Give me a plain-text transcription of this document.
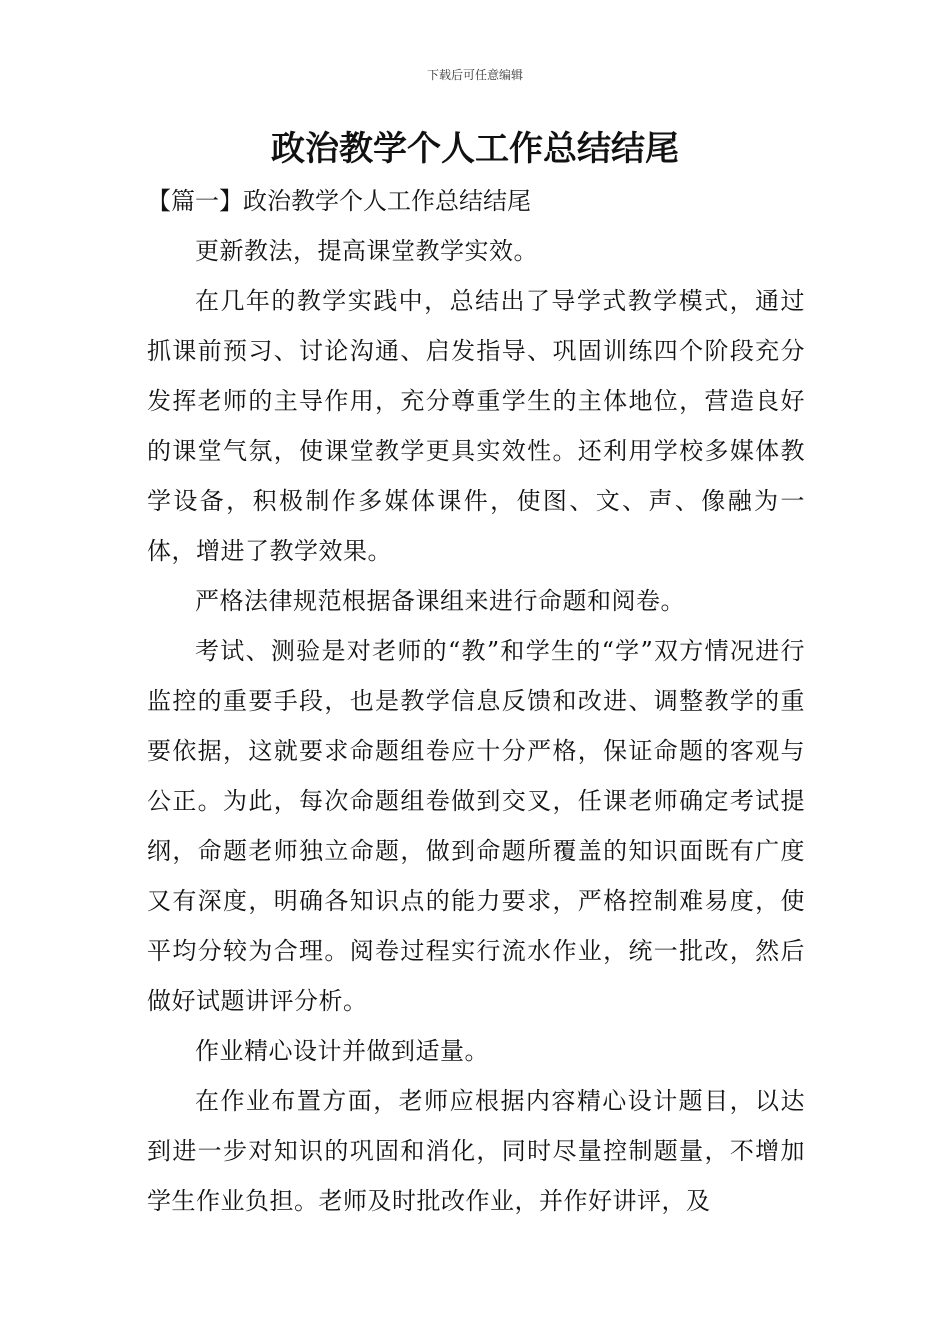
下载后可任意编辑
政治教学个人工作总结结尾
【篇一】政治教学个人工作总结结尾

更新教法，提高课堂教学实效。

在几年的教学实践中，总结出了导学式教学模式，通过抓课前预习、讨论沟通、启发指导、巩固训练四个阶段充分发挥老师的主导作用，充分尊重学生的主体地位，营造良好的课堂气氛，使课堂教学更具实效性。还利用学校多媒体教学设备，积极制作多媒体课件，使图、文、声、像融为一体，增进了教学效果。

严格法律规范根据备课组来进行命题和阅卷。

考试、测验是对老师的“教”和学生的“学”双方情况进行监控的重要手段，也是教学信息反馈和改进、调整教学的重要依据，这就要求命题组卷应十分严格，保证命题的客观与公正。为此，每次命题组卷做到交叉，任课老师确定考试提纲，命题老师独立命题，做到命题所覆盖的知识面既有广度又有深度，明确各知识点的能力要求，严格控制难易度，使平均分较为合理。阅卷过程实行流水作业，统一批改，然后做好试题讲评分析。

作业精心设计并做到适量。

在作业布置方面，老师应根据内容精心设计题目，以达到进一步对知识的巩固和消化，同时尽量控制题量，不增加学生作业负担。老师及时批改作业，并作好讲评，及
